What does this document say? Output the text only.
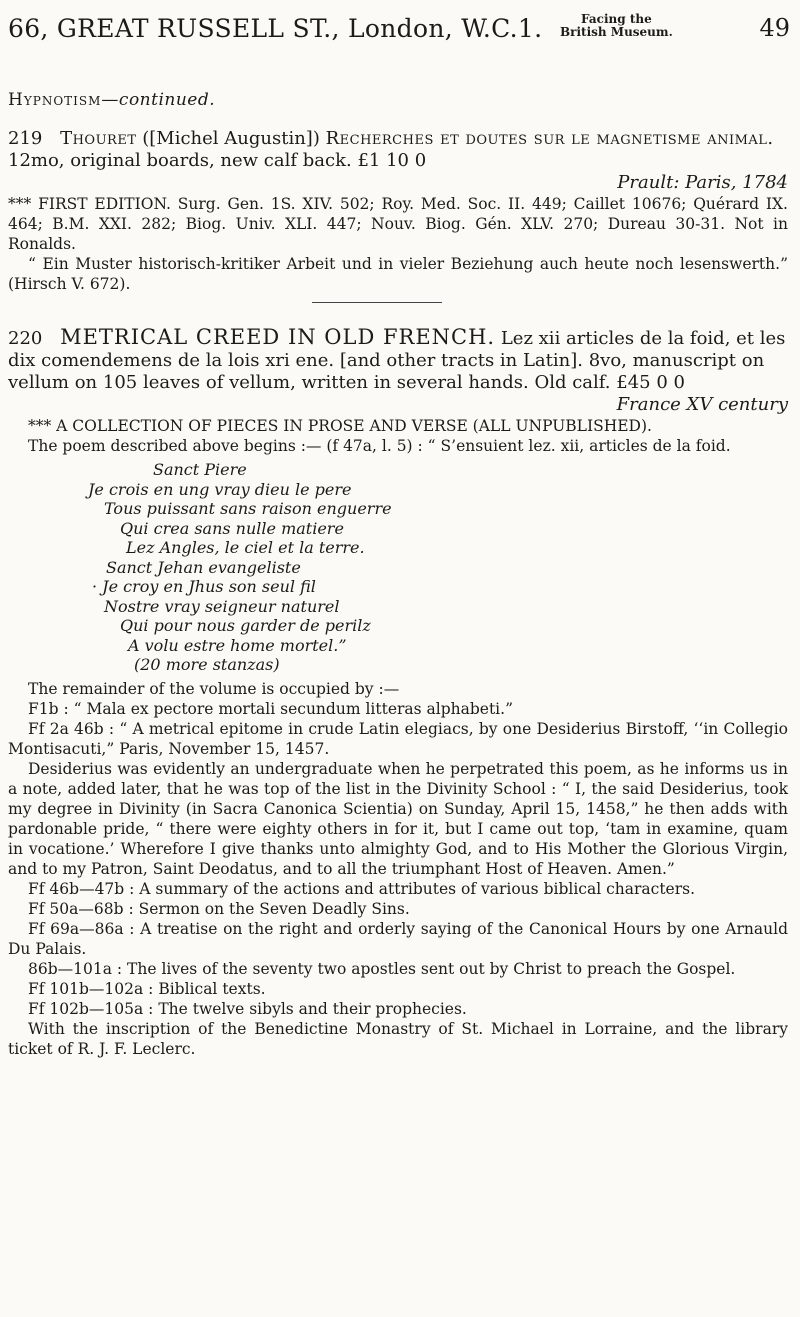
66, GREAT RUSSELL ST., London, W.C.1.	Facing the
British Museum.	49
Hypnotism—continued.

219 Thouret ([Michel Augustin]) Recherches et doutes sur le magnetisme animal. 12mo, original boards, new calf back. £1 10 0

Prault: Paris, 1784

*** FIRST EDITION. Surg. Gen. 1S. XIV. 502; Roy. Med. Soc. II. 449; Caillet 10676; Quérard IX. 464; B.M. XXI. 282; Biog. Univ. XLI. 447; Nouv. Biog. Gén. XLV. 270; Dureau 30-31. Not in Ronalds.

“ Ein Muster historisch-kritiker Arbeit und in vieler Beziehung auch heute noch lesenswerth.” (Hirsch V. 672).

220 METRICAL CREED IN OLD FRENCH. Lez xii articles de la foid, et les dix comendemens de la lois xri ene. [and other tracts in Latin]. 8vo, manuscript on vellum on 105 leaves of vellum, written in several hands. Old calf. £45 0 0

France XV century

*** A COLLECTION OF PIECES IN PROSE AND VERSE (ALL UNPUBLISHED).

The poem described above begins :— (f 47a, l. 5) : “ S’ensuient lez. xii, articles de la foid.

Sanct Piere
Je crois en ung vray dieu le pere
Tous puissant sans raison enguerre
Qui crea sans nulle matiere
Lez Angles, le ciel et la terre.
Sanct Jehan evangeliste
· Je croy en Jhus son seul fil
Nostre vray seigneur naturel
Qui pour nous garder de perilz
A volu estre home mortel.”
(20 more stanzas)

The remainder of the volume is occupied by :—

F1b : “ Mala ex pectore mortali secundum litteras alphabeti.”

Ff 2a 46b : “ A metrical epitome in crude Latin elegiacs, by one Desiderius Birstoff, ‘‘in Collegio Montisacuti,” Paris, November 15, 1457.

Desiderius was evidently an undergraduate when he perpetrated this poem, as he informs us in a note, added later, that he was top of the list in the Divinity School : “ I, the said Desiderius, took my degree in Divinity (in Sacra Canonica Scientia) on Sunday, April 15, 1458,” he then adds with pardonable pride, “ there were eighty others in for it, but I came out top, ‘tam in examine, quam in vocatione.’ Wherefore I give thanks unto almighty God, and to His Mother the Glorious Virgin, and to my Patron, Saint Deodatus, and to all the triumphant Host of Heaven. Amen.”

Ff 46b—47b : A summary of the actions and attributes of various biblical characters.

Ff 50a—68b : Sermon on the Seven Deadly Sins.

Ff 69a—86a : A treatise on the right and orderly saying of the Canonical Hours by one Arnauld Du Palais.

86b—101a : The lives of the seventy two apostles sent out by Christ to preach the Gospel.

Ff 101b—102a : Biblical texts.

Ff 102b—105a : The twelve sibyls and their prophecies.

With the inscription of the Benedictine Monastry of St. Michael in Lorraine, and the library ticket of R. J. F. Leclerc.
